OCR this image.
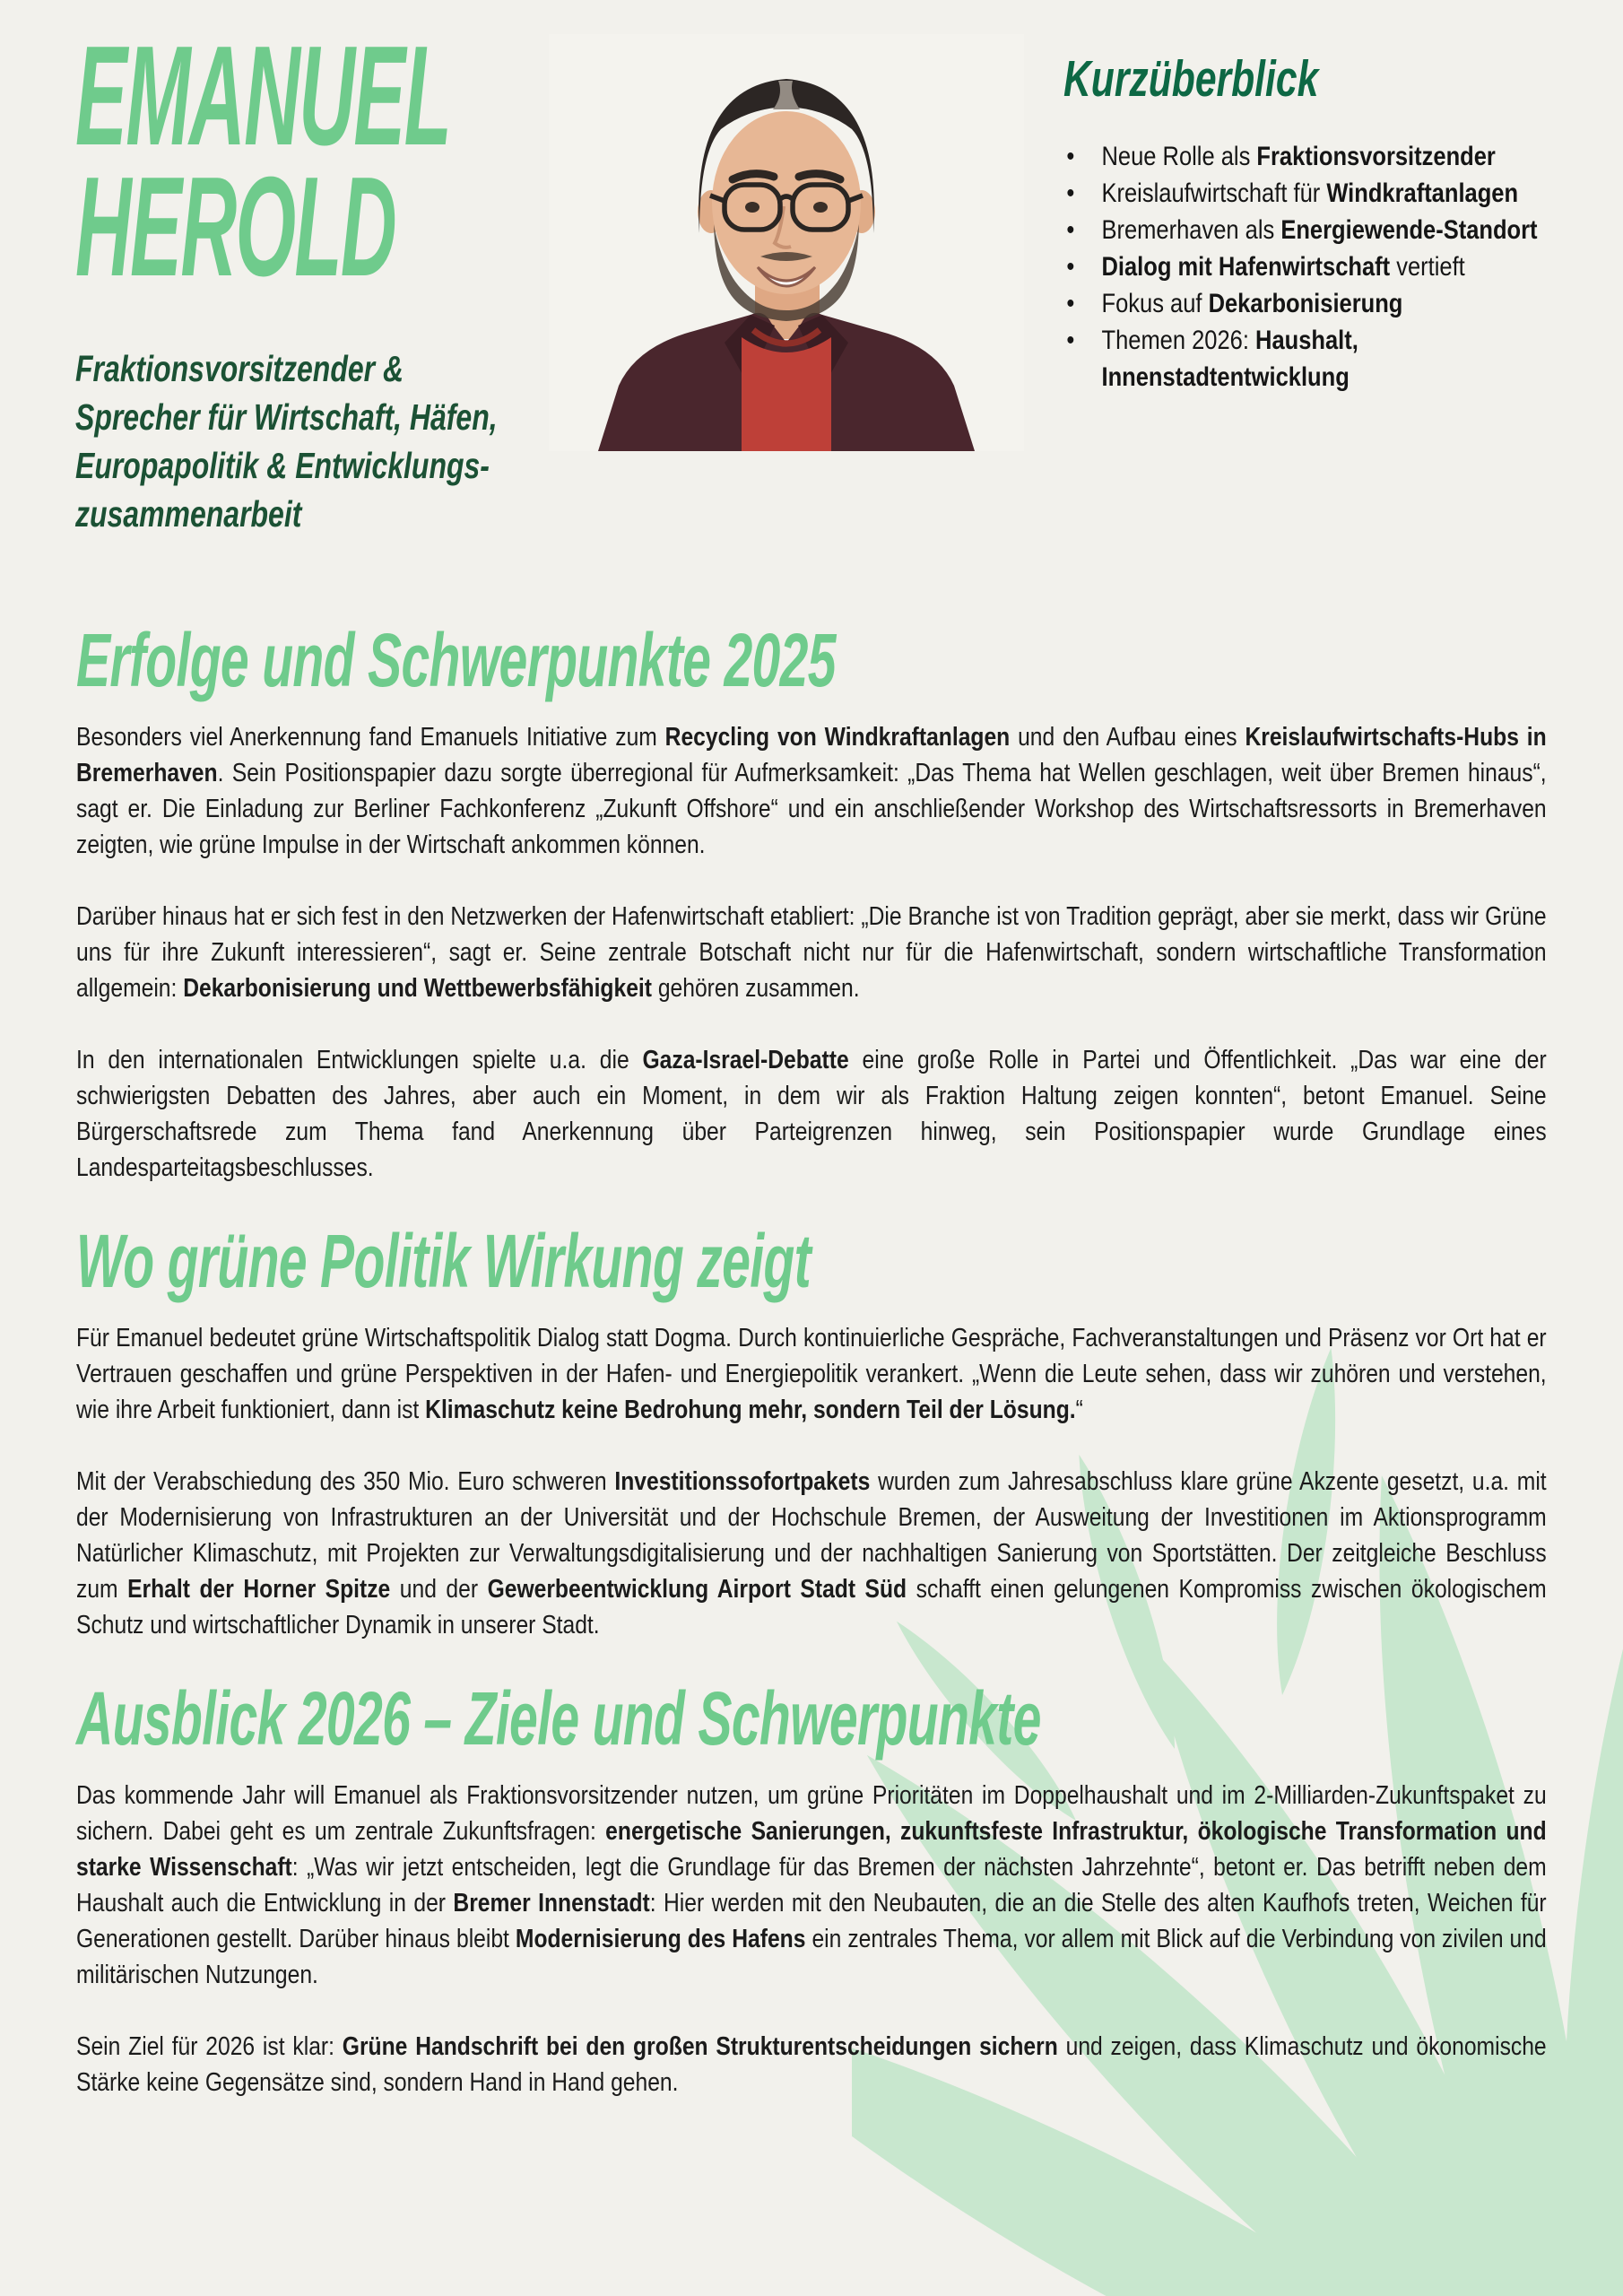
EMANUEL
HEROLD
Fraktionsvorsitzender &
Sprecher für Wirtschaft, Häfen,
Europapolitik & Entwicklungs-
zusammenarbeit
Kurzüberblick
•	Neue Rolle als Fraktionsvorsitzender
•	Kreislaufwirtschaft für Windkraftanlagen
•	Bremerhaven als Energiewende-Standort
•	Dialog mit Hafenwirtschaft vertieft
•	Fokus auf Dekarbonisierung
•	Themen 2026: Haushalt, Innenstadtentwicklung
Erfolge und Schwerpunkte 2025

Besonders viel Anerkennung fand Emanuels Initiative zum Recycling von Windkraftanlagen und den Aufbau eines Kreislaufwirtschafts-Hubs in Bremerhaven. Sein Positionspapier dazu sorgte überregional für Aufmerksamkeit: „Das Thema hat Wellen geschlagen, weit über Bremen hinaus“, sagt er. Die Einladung zur Berliner Fachkonferenz „Zukunft Offshore“ und ein anschließender Workshop des Wirtschaftsressorts in Bremerhaven zeigten, wie grüne Impulse in der Wirtschaft ankommen können.

Darüber hinaus hat er sich fest in den Netzwerken der Hafenwirtschaft etabliert: „Die Branche ist von Tradition geprägt, aber sie merkt, dass wir Grüne uns für ihre Zukunft interessieren“, sagt er. Seine zentrale Botschaft nicht nur für die Hafenwirtschaft, sondern wirtschaftliche Transformation allgemein: Dekarbonisierung und Wettbewerbsfähigkeit gehören zusammen.

In den internationalen Entwicklungen spielte u.a. die Gaza-Israel-Debatte eine große Rolle in Partei und Öffentlichkeit. „Das war eine der schwierigsten Debatten des Jahres, aber auch ein Moment, in dem wir als Fraktion Haltung zeigen konnten“, betont Emanuel. Seine Bürgerschaftsrede zum Thema fand Anerkennung über Parteigrenzen hinweg, sein Positionspapier wurde Grundlage eines Landesparteitagsbeschlusses.

Wo grüne Politik Wirkung zeigt

Für Emanuel bedeutet grüne Wirtschaftspolitik Dialog statt Dogma. Durch kontinuierliche Gespräche, Fachveranstaltungen und Präsenz vor Ort hat er Vertrauen geschaffen und grüne Perspektiven in der Hafen- und Energiepolitik verankert. „Wenn die Leute sehen, dass wir zuhören und verstehen, wie ihre Arbeit funktioniert, dann ist Klimaschutz keine Bedrohung mehr, sondern Teil der Lösung.“

Mit der Verabschiedung des 350 Mio. Euro schweren Investitionssofortpakets wurden zum Jahresabschluss klare grüne Akzente gesetzt, u.a. mit der Modernisierung von Infrastrukturen an der Universität und der Hochschule Bremen, der Ausweitung der Investitionen im Aktionsprogramm Natürlicher Klimaschutz, mit Projekten zur Verwaltungsdigitalisierung und der nachhaltigen Sanierung von Sportstätten. Der zeitgleiche Beschluss zum Erhalt der Horner Spitze und der Gewerbeentwicklung Airport Stadt Süd schafft einen gelungenen Kompromiss zwischen ökologischem Schutz und wirtschaftlicher Dynamik in unserer Stadt.

Ausblick 2026 – Ziele und Schwerpunkte

Das kommende Jahr will Emanuel als Fraktionsvorsitzender nutzen, um grüne Prioritäten im Doppelhaushalt und im 2-Milliarden-Zukunftspaket zu sichern. Dabei geht es um zentrale Zukunftsfragen: energetische Sanierungen, zukunftsfeste Infrastruktur, ökologische Transformation und starke Wissenschaft: „Was wir jetzt entscheiden, legt die Grundlage für das Bremen der nächsten Jahrzehnte“, betont er. Das betrifft neben dem Haushalt auch die Entwicklung in der Bremer Innenstadt: Hier werden mit den Neubauten, die an die Stelle des alten Kaufhofs treten, Weichen für Generationen gestellt. Darüber hinaus bleibt Modernisierung des Hafens ein zentrales Thema, vor allem mit Blick auf die Verbindung von zivilen und militärischen Nutzungen.

Sein Ziel für 2026 ist klar: Grüne Handschrift bei den großen Strukturentscheidungen sichern und zeigen, dass Klimaschutz und ökonomische Stärke keine Gegensätze sind, sondern Hand in Hand gehen.
